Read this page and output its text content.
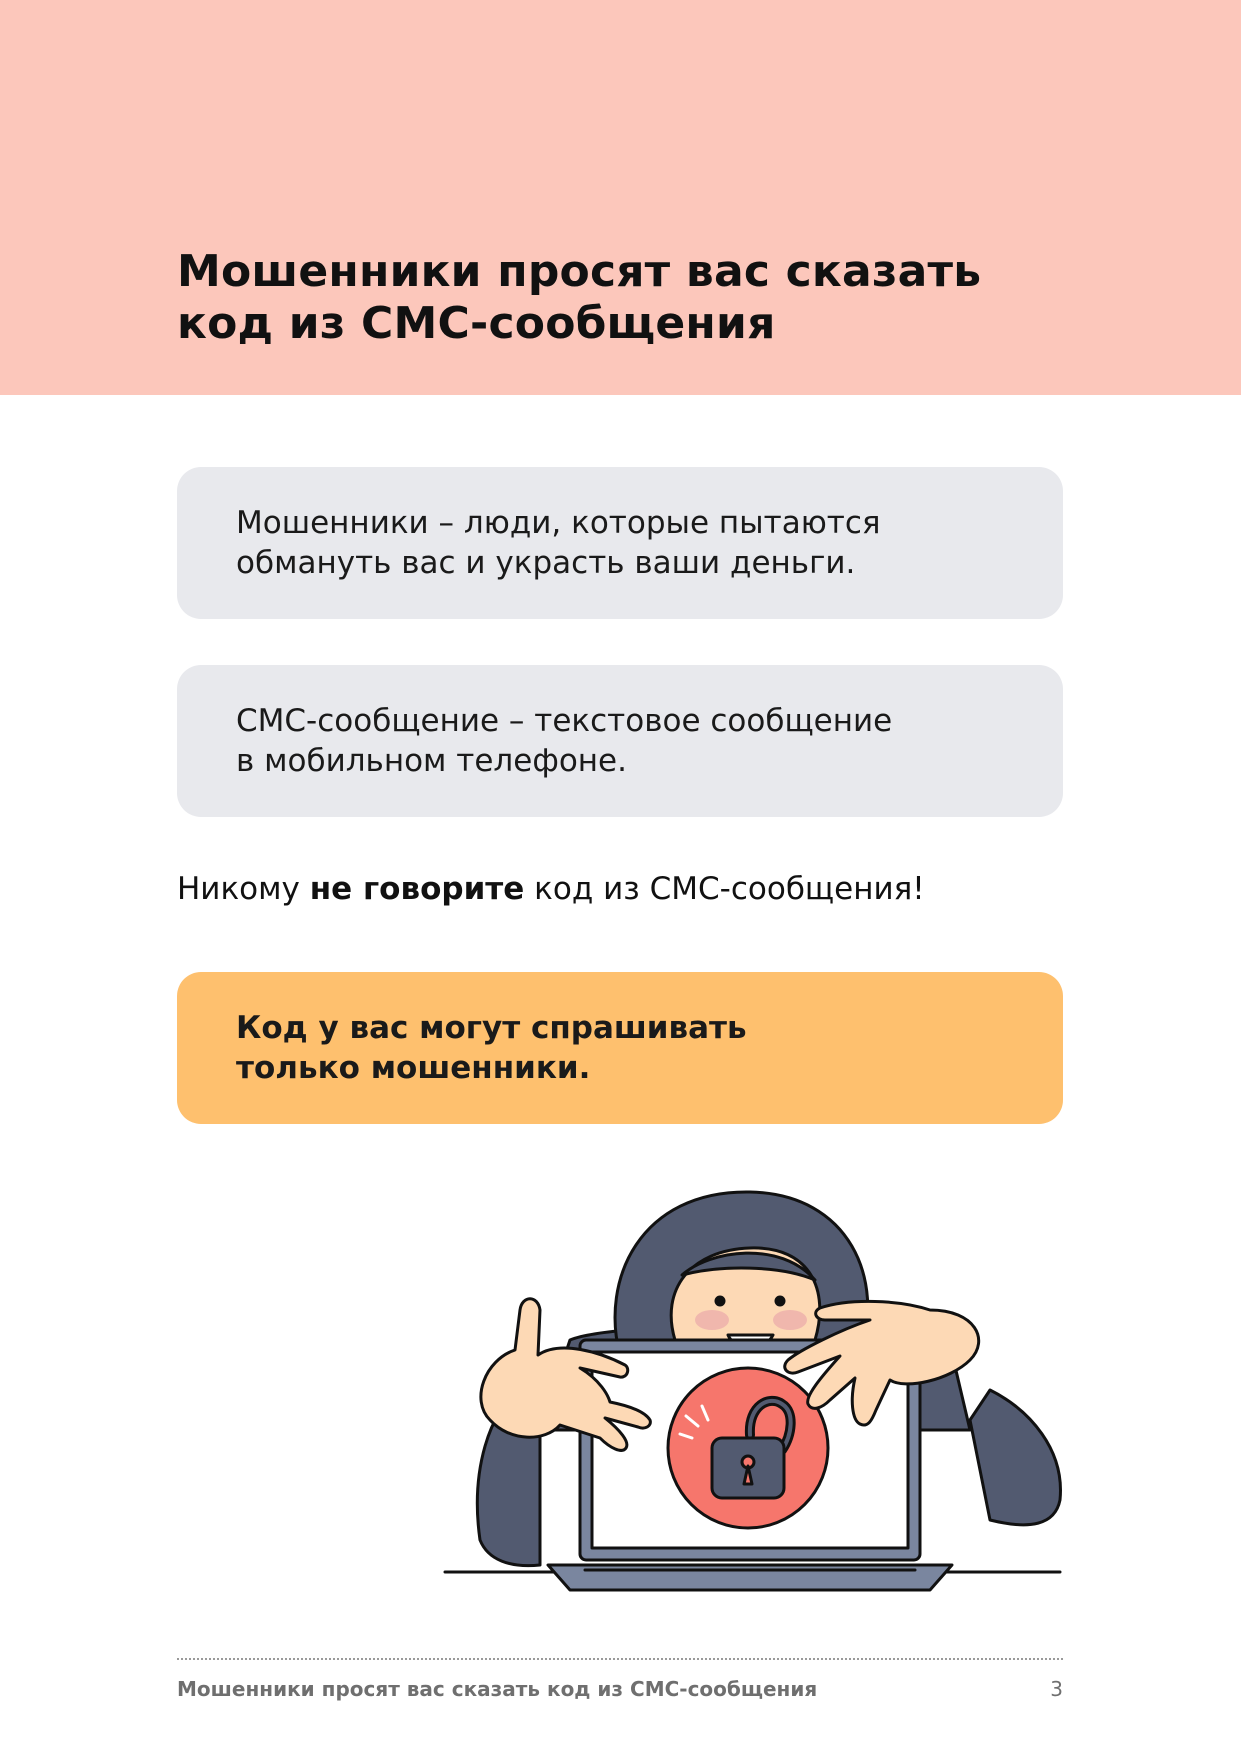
Мошенники просят вас сказать
код из СМС-сообщения
Мошенники – люди, которые пытаются
обмануть вас и украсть ваши деньги.
СМС-сообщение – текстовое сообщение
в мобильном телефоне.

Никому не говорите код из СМС-сообщения!

Код у вас могут спрашивать
только мошенники.
Мошенники просят вас сказать код из СМС-сообщения	3
